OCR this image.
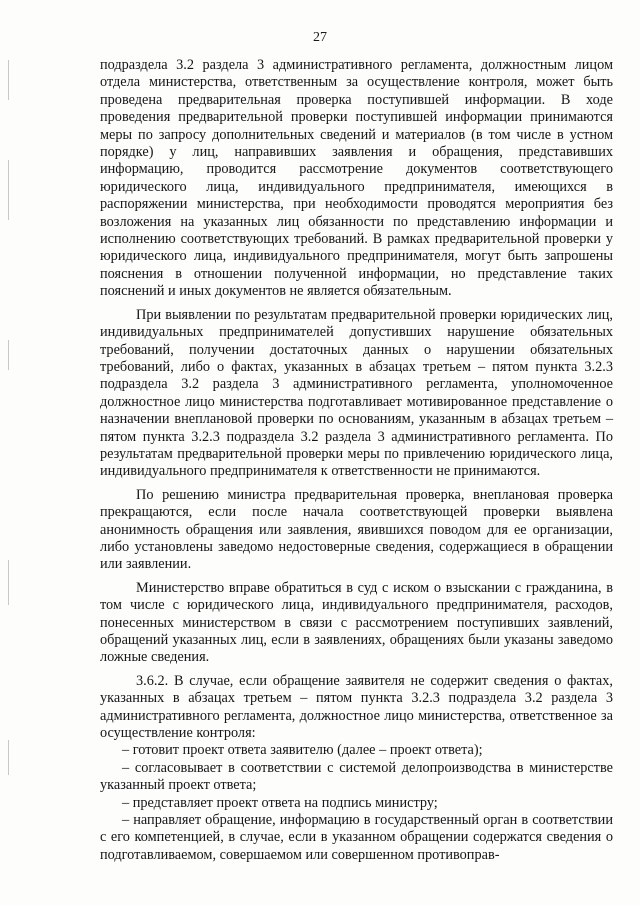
27

подраздела 3.2 раздела 3 административного регламента, должностным лицом отдела министерства, ответственным за осуществление контроля, может быть проведена предварительная проверка поступившей информации. В ходе проведения предварительной проверки поступившей информации принимаются меры по запросу дополнительных сведений и материалов (в том числе в устном порядке) у лиц, направивших заявления и обращения, представивших информацию, проводится рассмотрение документов соответствующего юридического лица, индивидуального предпринимателя, имеющихся в распоряжении министерства, при необходимости проводятся мероприятия без возложения на указанных лиц обязанности по представлению информации и исполнению соответствующих требований. В рамках предварительной проверки у юридического лица, индивидуального предпринимателя, могут быть запрошены пояснения в отношении полученной информации, но представление таких пояснений и иных документов не является обязательным.

При выявлении по результатам предварительной проверки юридических лиц, индивидуальных предпринимателей допустивших нарушение обязательных требований, получении достаточных данных о нарушении обязательных требований, либо о фактах, указанных в абзацах третьем – пятом пункта 3.2.3 подраздела 3.2 раздела 3 административного регламента, уполномоченное должностное лицо министерства подготавливает мотивированное представление о назначении внеплановой проверки по основаниям, указанным в абзацах третьем – пятом пункта 3.2.3 подраздела 3.2 раздела 3 административного регламента. По результатам предварительной проверки меры по привлечению юридического лица, индивидуального предпринимателя к ответственности не принимаются.

По решению министра предварительная проверка, внеплановая проверка прекращаются, если после начала соответствующей проверки выявлена анонимность обращения или заявления, явившихся поводом для ее организации, либо установлены заведомо недостоверные сведения, содержащиеся в обращении или заявлении.

Министерство вправе обратиться в суд с иском о взыскании с гражданина, в том числе с юридического лица, индивидуального предпринимателя, расходов, понесенных министерством в связи с рассмотрением поступивших заявлений, обращений указанных лиц, если в заявлениях, обращениях были указаны заведомо ложные сведения.

3.6.2. В случае, если обращение заявителя не содержит сведения о фактах, указанных в абзацах третьем – пятом пункта 3.2.3 подраздела 3.2 раздела 3 административного регламента, должностное лицо министерства, ответственное за осуществление контроля:

– готовит проект ответа заявителю (далее – проект ответа);

– согласовывает в соответствии с системой делопроизводства в министерстве указанный проект ответа;

– представляет проект ответа на подпись министру;

– направляет обращение, информацию в государственный орган в соответствии с его компетенцией, в случае, если в указанном обращении содержатся сведения о подготавливаемом, совершаемом или совершенном противоправ-
